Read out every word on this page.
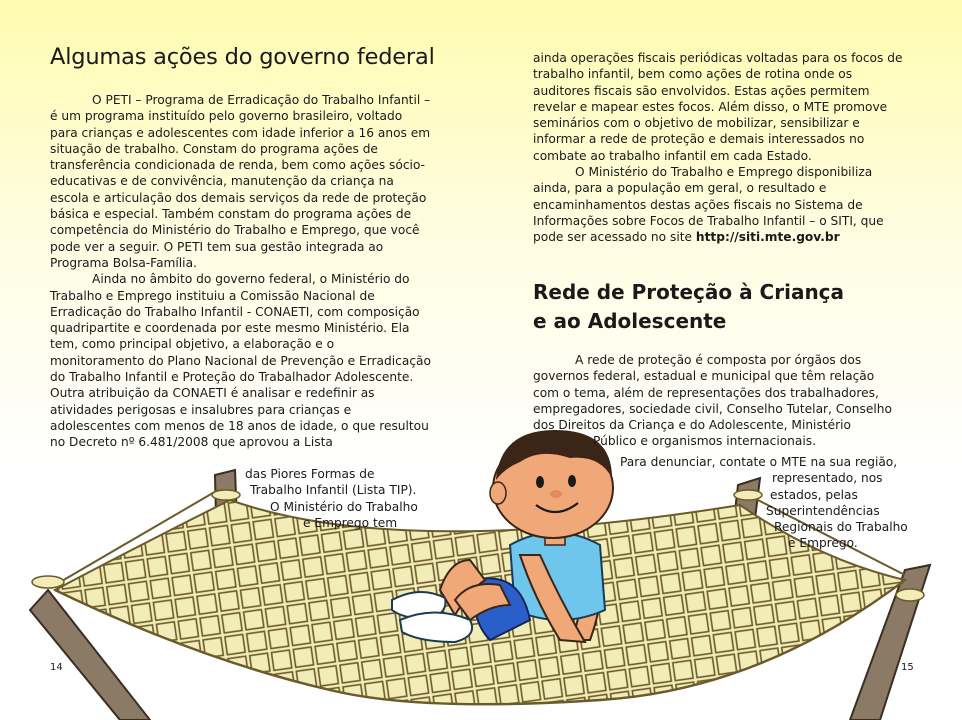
Algumas ações do governo federal

O PETI – Programa de Erradicação do Trabalho Infantil – é um programa instituído pelo governo brasileiro, voltado para crianças e adolescentes com idade inferior a 16 anos em situação de trabalho. Constam do programa ações de transferência condicionada de renda, bem como ações sócio-educativas e de convivência, manutenção da criança na escola e articulação dos demais serviços da rede de proteção básica e especial. Também constam do programa ações de competência do Ministério do Trabalho e Emprego, que você pode ver a seguir. O PETI tem sua gestão integrada ao Programa Bolsa-Família.

Ainda no âmbito do governo federal, o Ministério do Trabalho e Emprego instituiu a Comissão Nacional de Erradicação do Trabalho Infantil - CONAETI, com composição quadripartite e coordenada por este mesmo Ministério. Ela tem, como principal objetivo, a elaboração e o monitoramento do Plano Nacional de Prevenção e Erradicação do Trabalho Infantil e Proteção do Trabalhador Adolescente. Outra atribuição da CONAETI é analisar e redefinir as atividades perigosas e insalubres para crianças e adolescentes com menos de 18 anos de idade, o que resultou no Decreto nº 6.481/2008 que aprovou a Lista

das Piores Formas de

Trabalho Infantil (Lista TIP).

O Ministério do Trabalho

e Emprego tem

14	15

ainda operações fiscais periódicas voltadas para os focos de trabalho infantil, bem como ações de rotina onde os auditores fiscais são envolvidos. Estas ações permitem revelar e mapear estes focos. Além disso, o MTE promove seminários com o objetivo de mobilizar, sensibilizar e informar a rede de proteção e demais interessados no combate ao trabalho infantil em cada Estado.

O Ministério do Trabalho e Emprego disponibiliza ainda, para a população em geral, o resultado e encaminhamentos destas ações fiscais no Sistema de Informações sobre Focos de Trabalho Infantil – o SITI, que pode ser acessado no site http://siti.mte.gov.br

Rede de Proteção à Criança
e ao Adolescente

A rede de proteção é composta por órgãos dos

governos federal, estadual e municipal que têm relação

com o tema, além de representações dos trabalhadores,

empregadores, sociedade civil, Conselho Tutelar, Conselho

dos Direitos da Criança e do Adolescente, Ministério

Público e organismos internacionais.

Para denunciar, contate o MTE na sua região,

representado, nos

estados, pelas

Superintendências

Regionais do Trabalho

e Emprego.
